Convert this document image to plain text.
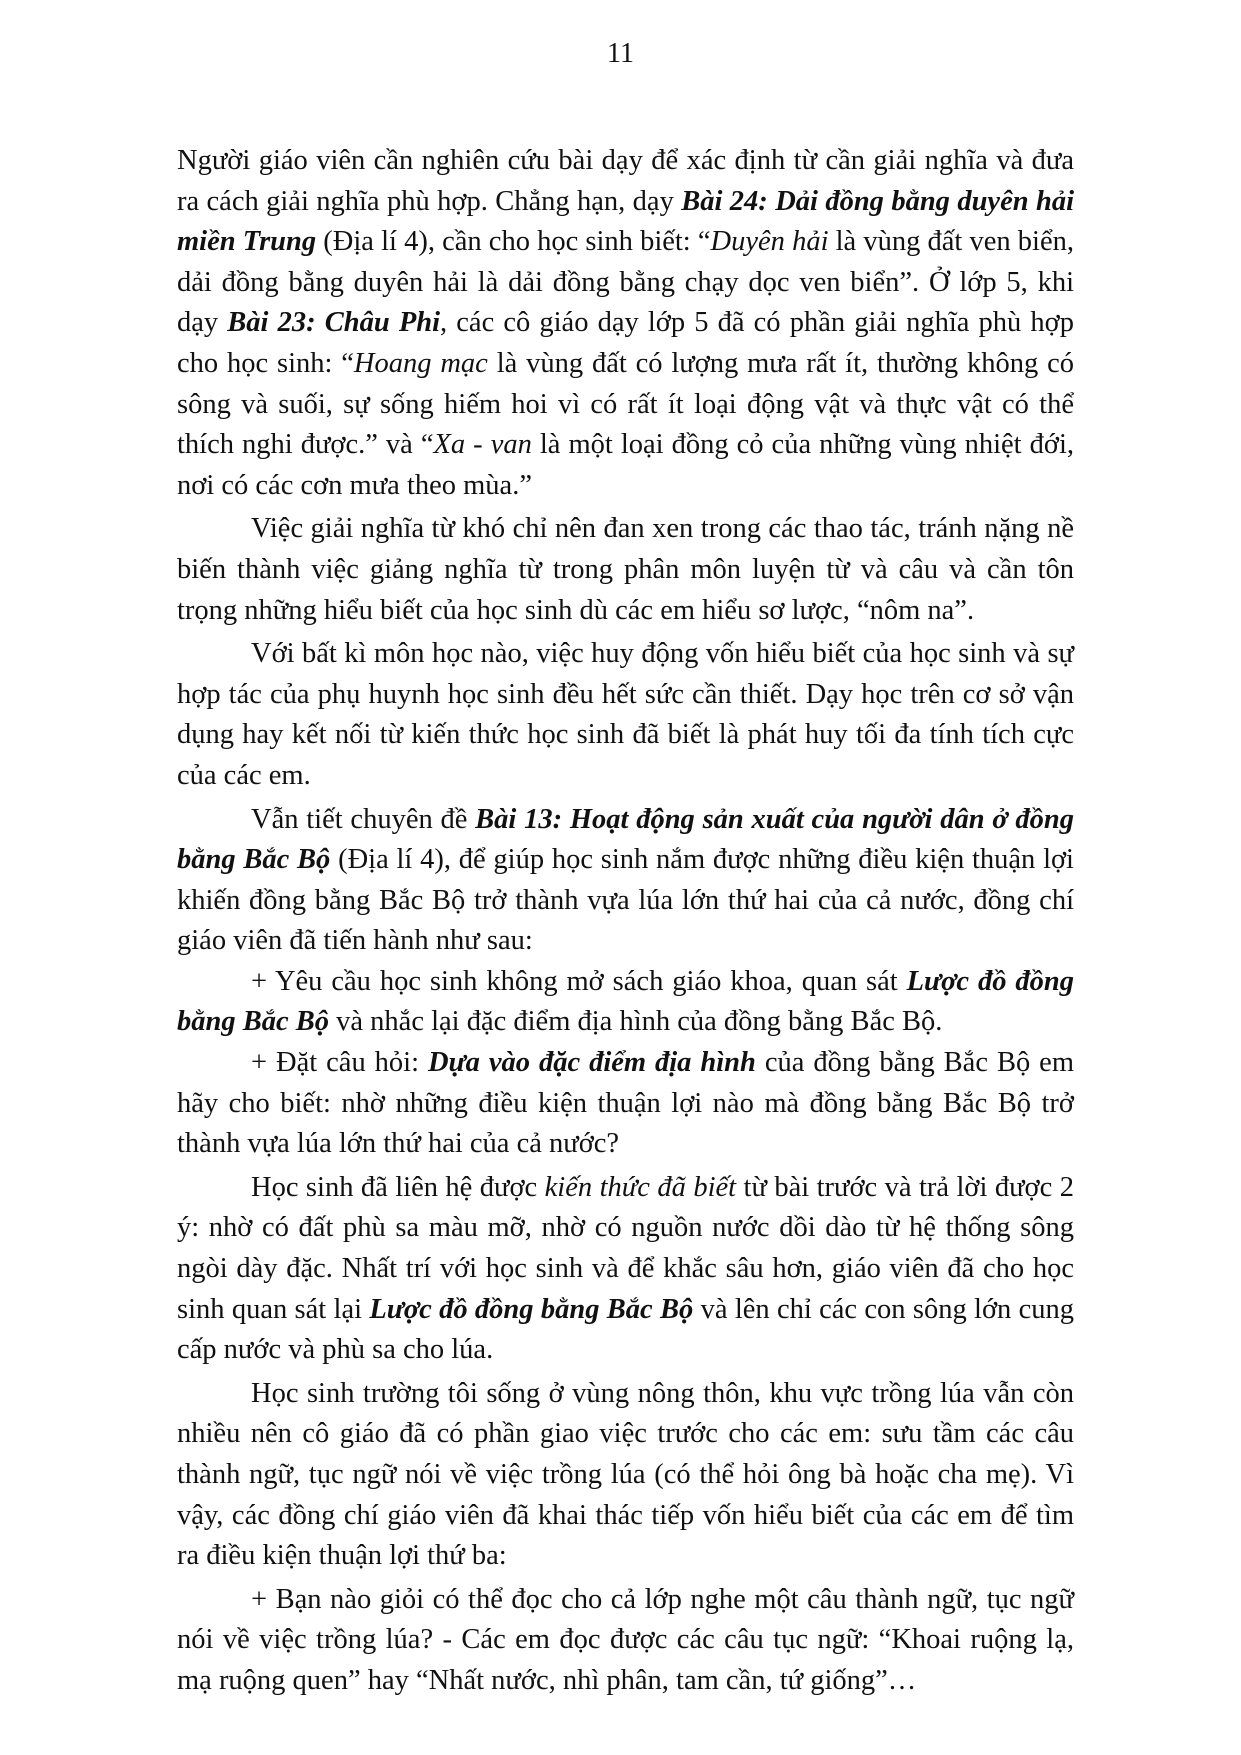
11

Người giáo viên cần nghiên cứu bài dạy để xác định từ cần giải nghĩa và đưa ra cách giải nghĩa phù hợp. Chẳng hạn, dạy Bài 24: Dải đồng bằng duyên hải miền Trung (Địa lí 4), cần cho học sinh biết: “Duyên hải là vùng đất ven biển, dải đồng bằng duyên hải là dải đồng bằng chạy dọc ven biển”. Ở lớp 5, khi dạy Bài 23: Châu Phi, các cô giáo dạy lớp 5 đã có phần giải nghĩa phù hợp cho học sinh: “Hoang mạc là vùng đất có lượng mưa rất ít, thường không có sông và suối, sự sống hiếm hoi vì có rất ít loại động vật và thực vật có thể thích nghi được.” và “Xa - van là một loại đồng cỏ của những vùng nhiệt đới, nơi có các cơn mưa theo mùa.”

Việc giải nghĩa từ khó chỉ nên đan xen trong các thao tác, tránh nặng nề biến thành việc giảng nghĩa từ trong phân môn luyện từ và câu và cần tôn trọng những hiểu biết của học sinh dù các em hiểu sơ lược, “nôm na”.

Với bất kì môn học nào, việc huy động vốn hiểu biết của học sinh và sự hợp tác của phụ huynh học sinh đều hết sức cần thiết. Dạy học trên cơ sở vận dụng hay kết nối từ kiến thức học sinh đã biết là phát huy tối đa tính tích cực của các em.

Vẫn tiết chuyên đề Bài 13: Hoạt động sản xuất của người dân ở đồng bằng Bắc Bộ (Địa lí 4), để giúp học sinh nắm được những điều kiện thuận lợi khiến đồng bằng Bắc Bộ trở thành vựa lúa lớn thứ hai của cả nước, đồng chí giáo viên đã tiến hành như sau:

+ Yêu cầu học sinh không mở sách giáo khoa, quan sát Lược đồ đồng bằng Bắc Bộ và nhắc lại đặc điểm địa hình của đồng bằng Bắc Bộ.

+ Đặt câu hỏi: Dựa vào đặc điểm địa hình của đồng bằng Bắc Bộ em hãy cho biết: nhờ những điều kiện thuận lợi nào mà đồng bằng Bắc Bộ trở thành vựa lúa lớn thứ hai của cả nước?

Học sinh đã liên hệ được kiến thức đã biết từ bài trước và trả lời được 2 ý: nhờ có đất phù sa màu mỡ, nhờ có nguồn nước dồi dào từ hệ thống sông ngòi dày đặc. Nhất trí với học sinh và để khắc sâu hơn, giáo viên đã cho học sinh quan sát lại Lược đồ đồng bằng Bắc Bộ và lên chỉ các con sông lớn cung cấp nước và phù sa cho lúa.

Học sinh trường tôi sống ở vùng nông thôn, khu vực trồng lúa vẫn còn nhiều nên cô giáo đã có phần giao việc trước cho các em: sưu tầm các câu thành ngữ, tục ngữ nói về việc trồng lúa (có thể hỏi ông bà hoặc cha mẹ). Vì vậy, các đồng chí giáo viên đã khai thác tiếp vốn hiểu biết của các em để tìm ra điều kiện thuận lợi thứ ba:

+ Bạn nào giỏi có thể đọc cho cả lớp nghe một câu thành ngữ, tục ngữ nói về việc trồng lúa? - Các em đọc được các câu tục ngữ: “Khoai ruộng lạ, mạ ruộng quen” hay “Nhất nước, nhì phân, tam cần, tứ giống”…
